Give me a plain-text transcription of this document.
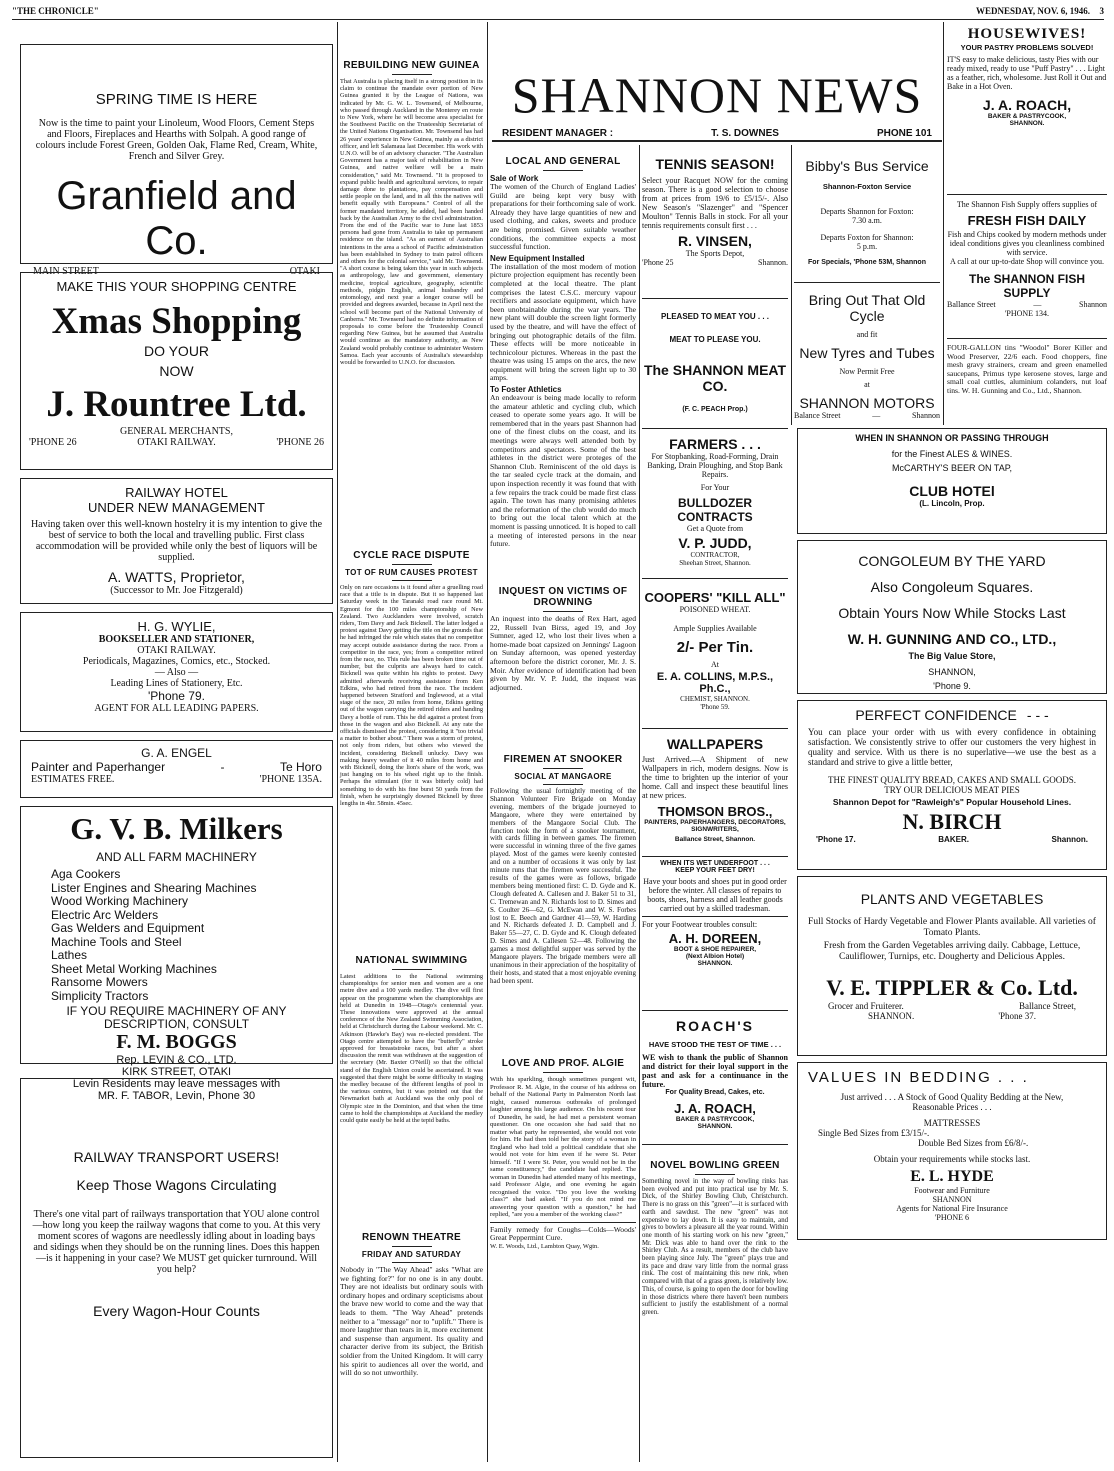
"THE CHRONICLE"	WEDNESDAY, NOV. 6, 1946. 3
SPRING TIME IS HERE

Now is the time to paint your Linoleum, Wood Floors, Cement Steps and Floors, Fireplaces and Hearths with Solpah. A good range of colours include Forest Green, Golden Oak, Flame Red, Cream, White, French and Silver Grey.

Granfield and Co.
MAIN STREET	OTAKI
MAKE THIS YOUR SHOPPING CENTRE
Xmas Shopping
DO YOUR
NOW
J. Rountree Ltd.
GENERAL MERCHANTS,
'PHONE 26	OTAKI RAILWAY.	'PHONE 26
RAILWAY HOTEL
UNDER NEW MANAGEMENT

Having taken over this well-known hostelry it is my intention to give the best of service to both the local and travelling public. First class accommodation will be provided while only the best of liquors will be supplied.

A. WATTS, Proprietor,
(Successor to Mr. Joe Fitzgerald)
H. G. WYLIE,
BOOKSELLER AND STATIONER,
OTAKI RAILWAY.
Periodicals, Magazines, Comics, etc., Stocked.
— Also —
Leading Lines of Stationery, Etc.
'Phone 79.
AGENT FOR ALL LEADING PAPERS.
G. A. ENGEL
Painter and Paperhanger	-	Te Horo
ESTIMATES FREE.	'PHONE 135A.
G. V. B. Milkers
AND ALL FARM MACHINERY
Aga Cookers
Lister Engines and Shearing Machines
Wood Working Machinery
Electric Arc Welders
Gas Welders and Equipment
Machine Tools and Steel
Lathes
Sheet Metal Working Machines
Ransome Mowers
Simplicity Tractors
IF YOU REQUIRE MACHINERY OF ANY DESCRIPTION, CONSULT
F. M. BOGGS
Rep. LEVIN & CO., LTD.
KIRK STREET, OTAKI
Levin Residents may leave messages with
MR. F. TABOR, Levin, Phone 30
RAILWAY TRANSPORT USERS!
Keep Those Wagons Circulating

There's one vital part of railways transportation that YOU alone control—how long you keep the railway wagons that come to you. At this very moment scores of wagons are needlessly idling about in loading bays and sidings when they should be on the running lines. Does this happen—is it happening in your case? We MUST get quicker turnround. Will you help?

Every Wagon-Hour Counts
REBUILDING NEW GUINEA

That Australia is placing itself in a strong position in its claim to continue the mandate over portion of New Guinea granted it by the League of Nations, was indicated by Mr. G. W. L. Townsend, of Melbourne, who passed through Auckland in the Monterey en route to New York, where he will become area specialist for the Southwest Pacific on the Trusteeship Secretariat of the United Nations Organisation. Mr. Townsend has had 26 years' experience in New Guinea, mainly as a district officer, and left Salamaua last December. His work with U.N.O. will be of an advisory character. "The Australian Government has a major task of rehabilitation in New Guinea, and native welfare will be a main consideration," said Mr. Townsend. "It is proposed to expand public health and agricultural services, to repair damage done to plantations, pay compensation and settle people on the land, and in all this the natives will benefit equally with Europeans." Control of all the former mandated territory, he added, had been handed back by the Australian Army to the civil administration. From the end of the Pacific war to June last 1853 persons had gone from Australia to take up permanent residence on the island. "As an earnest of Australian intentions in the area a school of Pacific administration has been established in Sydney to train patrol officers and others for the colonial service," said Mr. Townsend. "A short course is being taken this year in such subjects as anthropology, law and government, elementary medicine, tropical agriculture, geography, scientific methods, pidgin English, animal husbandry and entomology, and next year a longer course will be provided and degrees awarded, because in April next the school will become part of the National University of Canberra." Mr. Townsend had no definite information of proposals to come before the Trusteeship Council regarding New Guinea, but he assumed that Australia would continue as the mandatory authority, as New Zealand would probably continue to administer Western Samoa. Each year accounts of Australia's stewardship would be forwarded to U.N.O. for discussion.

CYCLE RACE DISPUTE
TOT OF RUM CAUSES PROTEST

Only on rare occasions is it found after a gruelling road race that a title is in dispute. But it so happened last Saturday week in the Taranaki road race round Mt. Egmont for the 100 miles championship of New Zealand. Two Aucklanders were involved, scratch riders, Tom Davy and Jack Bicknell. The latter lodged a protest against Davy getting the title on the grounds that he had infringed the rule which states that no competitor may accept outside assistance during the race. From a competitor in the race, yes; from a competitor retired from the race, no. This rule has been broken time out of number, but the culprits are always hard to catch. Bicknell was quite within his rights to protest. Davy admitted afterwards receiving assistance from Ken Edkins, who had retired from the race. The incident happened between Stratford and Inglewood, at a vital stage of the race, 20 miles from home, Edkins getting out of the wagon carrying the retired riders and handing Davy a bottle of rum. This he did against a protest from those in the wagon and also Bicknell. At any rate the officials dismissed the protest, considering it "too trivial a matter to bother about." There was a storm of protest, not only from riders, but others who viewed the incident, considering Bicknell unlucky. Davy was making heavy weather of it 40 miles from home and with Bicknell, doing the lion's share of the work, was just hanging on to his wheel right up to the finish. Perhaps the stimulant (for it was bitterly cold) had something to do with his fine burst 50 yards from the finish, when he surprisingly downed Bicknell by three lengths in 4hr. 58min. 45sec.

NATIONAL SWIMMING

Latest additions to the National swimming championships for senior men and women are a one metre dive and a 100 yards medley. The dive will first appear on the programme when the championships are held at Dunedin in 1948—Otago's centennial year. These innovations were approved at the annual conference of the New Zealand Swimming Association, held at Christchurch during the Labour weekend. Mr. C. Atkinson (Hawke's Bay) was re-elected president. The Otago centre attempted to have the "butterfly" stroke approved for breaststroke races, but after a short discussion the remit was withdrawn at the suggestion of the secretary (Mr. Baxter O'Neill) so that the official stand of the English Union could be ascertained. It was suggested that there might be some difficulty in staging the medley because of the different lengths of pool in the various centres, but it was pointed out that the Newmarket bath at Auckland was the only pool of Olympic size in the Dominion, and that when the time came to hold the championships at Auckland the medley could quite easily be held at the tepid baths.

RENOWN THEATRE
FRIDAY AND SATURDAY

Nobody in "The Way Ahead" asks "What are we fighting for?" for no one is in any doubt. They are not idealists but ordinary souls with ordinary hopes and ordinary scepticisms about the brave new world to come and the way that leads to them. "The Way Ahead" pretends neither to a "message" nor to "uplift." There is more laughter than tears in it, more excitement and suspense than argument. Its quality and character derive from its subject, the British soldier from the United Kingdom. It will carry his spirit to audiences all over the world, and will do so not unworthily.

SHANNON NEWS
RESIDENT MANAGER :	T. S. DOWNES	PHONE 101
LOCAL AND GENERAL
Sale of Work

The women of the Church of England Ladies' Guild are being kept very busy with preparations for their forthcoming sale of work. Already they have large quantities of new and used clothing, and cakes, sweets and produce are being promised. Given suitable weather conditions, the committee expects a most successful function.

New Equipment Installed

The installation of the most modern of motion picture projection equipment has recently been completed at the local theatre. The plant comprises the latest C.S.C. mercury vapour rectifiers and associate equipment, which have been unobtainable during the war years. The new plant will double the screen light formerly used by the theatre, and will have the effect of bringing out photographic details of the film. These effects will be more noticeable in technicolour pictures. Whereas in the past the theatre was using 15 amps on the arcs, the new equipment will bring the screen light up to 30 amps.

To Foster Athletics

An endeavour is being made locally to reform the amateur athletic and cycling club, which ceased to operate some years ago. It will be remembered that in the years past Shannon had one of the finest clubs on the coast, and its meetings were always well attended both by competitors and spectators. Some of the best athletes in the district were proteges of the Shannon Club. Reminiscent of the old days is the tar sealed cycle track at the domain, and upon inspection recently it was found that with a few repairs the track could be made first class again. The town has many promising athletes and the reformation of the club would do much to bring out the local talent which at the moment is passing unnoticed. It is hoped to call a meeting of interested persons in the near future.

INQUEST ON VICTIMS OF DROWNING

An inquest into the deaths of Rex Hart, aged 22, Russell Ivan Birss, aged 19, and Joy Sumner, aged 12, who lost their lives when a home-made boat capsized on Jennings' Lagoon on Sunday afternoon, was opened yesterday afternoon before the district coroner, Mr. J. S. Moir. After evidence of identification had been given by Mr. V. P. Judd, the inquest was adjourned.

FIREMEN AT SNOOKER
SOCIAL AT MANGAORE

Following the usual fortnightly meeting of the Shannon Volunteer Fire Brigade on Monday evening, members of the brigade journeyed to Mangaore, where they were entertained by members of the Mangaore Social Club. The function took the form of a snooker tournament, with cards filling in between games. The firemen were successful in winning three of the five games played. Most of the games were keenly contested and on a number of occasions it was only by last minute runs that the firemen were successful. The results of the games were as follows, brigade members being mentioned first: C. D. Gyde and K. Clough defeated A. Callesen and J. Baker 51 to 31, C. Tremewan and N. Richards lost to D. Simes and S. Coulter 26—62, G. McEwan and W. S. Forbes lost to E. Beech and Gardner 41—59, W. Harding and N. Richards defeated J. D. Campbell and J. Baker 55—27, C. D. Gyde and K. Clough defeated D. Simes and A. Callesen 52—48. Following the games a most delightful supper was served by the Mangaore players. The brigade members were all unanimous in their appreciation of the hospitality of their hosts, and stated that a most enjoyable evening had been spent.

LOVE AND PROF. ALGIE

With his sparkling, though sometimes pungent wit, Professor R. M. Algie, in the course of his address on behalf of the National Party in Palmerston North last night, caused numerous outbreaks of prolonged laughter among his large audience. On his recent tour of Dunedin, he said, he had met a persistent woman questioner. On one occasion she had said that no matter what party he represented, she would not vote for him. He had then told her the story of a woman in England who had told a political candidate that she would not vote for him even if he were St. Peter himself. "If I were St. Peter, you would not be in the same constituency," the candidate had replied. The woman in Dunedin had attended many of his meetings, said Professor Algie, and one evening he again recognised the voice. "Do you love the working class?" she had asked. "If you do not mind me answering your question with a question," he had replied, "are you a member of the working class?"

Family remedy for Coughs—Colds—Woods' Great Peppermint Cure.

W. E. Woods, Ltd., Lambton Quay, Wgtn.

TENNIS SEASON!

Select your Racquet NOW for the coming season. There is a good selection to choose from at prices from 19/6 to £5/15/-. Also New Season's "Slazenger" and "Spencer Moulton" Tennis Balls in stock. For all your tennis requirements consult first . . .

R. VINSEN,
The Sports Depot,
'Phone 25	Shannon.
PLEASED TO MEAT YOU . . .
MEAT TO PLEASE YOU.
The SHANNON MEAT CO.
(F. C. PEACH Prop.)
FARMERS . . .

For Stopbanking, Road-Forming, Drain Banking, Drain Ploughing, and Stop Bank Repairs.

For Your
BULLDOZER CONTRACTS
Get a Quote from
V. P. JUDD,
CONTRACTOR,
Sheehan Street, Shannon.
COOPERS' "KILL ALL"
POISONED WHEAT.
Ample Supplies Available
2/- Per Tin.
At
E. A. COLLINS, M.P.S., Ph.C.,
CHEMIST, SHANNON.
'Phone 59.
WALLPAPERS

Just Arrived.—A Shipment of new Wallpapers in rich, modern designs. Now is the time to brighten up the interior of your home. Call and inspect these beautiful lines at new prices.

THOMSON BROS.,
PAINTERS, PAPERHANGERS, DECORATORS, SIGNWRITERS,
Ballance Street, Shannon.
WHEN ITS WET UNDERFOOT . . .
KEEP YOUR FEET DRY!

Have your boots and shoes put in good order before the winter. All classes of repairs to boots, shoes, harness and all leather goods carried out by a skilled tradesman.

For your Footwear troubles consult:
A. H. DOREEN,
BOOT & SHOE REPAIRER,
(Next Albion Hotel)
SHANNON.
ROACH'S
HAVE STOOD THE TEST OF TIME . . .

WE wish to thank the public of Shannon and district for their loyal support in the past and ask for a continuance in the future.

For Quality Bread, Cakes, etc.
J. A. ROACH,
BAKER & PASTRYCOOK,
SHANNON.
NOVEL BOWLING GREEN

Something novel in the way of bowling rinks has been evolved and put into practical use by Mr. S. Dick, of the Shirley Bowling Club, Christchurch. There is no grass on this "green"—it is surfaced with earth and sawdust. The new "green" was not expensive to lay down. It is easy to maintain, and gives to bowlers a pleasure all the year round. Within one month of his starting work on his new "green," Mr. Dick was able to hand over the rink to the Shirley Club. As a result, members of the club have been playing since July. The "green" plays true and its pace and draw vary little from the normal grass rink. The cost of maintaining this new rink, when compared with that of a grass green, is relatively low. This, of course, is going to open the door for bowling in those districts where there haven't been numbers sufficient to justify the establishment of a normal green.

Bibby's Bus Service
Shannon-Foxton Service
Departs Shannon for Foxton:
7.30 a.m.
Departs Foxton for Shannon:
5 p.m.
For Specials, 'Phone 53M, Shannon
Bring Out That Old Cycle
and fit
New Tyres and Tubes
Now Permit Free
at
SHANNON MOTORS
Balance Street	—	Shannon
HOUSEWIVES!
YOUR PASTRY PROBLEMS SOLVED!

IT'S easy to make delicious, tasty Pies with our ready mixed, ready to use "Puff Pastry" . . . Light as a feather, rich, wholesome. Just Roll it Out and Bake in a Hot Oven.

J. A. ROACH,
BAKER & PASTRYCOOK, SHANNON.
The Shannon Fish Supply offers supplies of
FRESH FISH DAILY

Fish and Chips cooked by modern methods under ideal conditions gives you cleanliness combined with service.

A call at our up-to-date Shop will convince you.

The SHANNON FISH SUPPLY
Ballance Street	—	Shannon
'PHONE 134.

FOUR-GALLON tins "Woodol" Borer Killer and Wood Preserver, 22/6 each. Food choppers, fine mesh gravy strainers, cream and green enamelled saucepans, Primus type kerosene stoves, large and small coal cuttles, aluminium colanders, nut loaf tins. W. H. Gunning and Co., Ltd., Shannon.

WHEN IN SHANNON OR PASSING THROUGH
for the Finest ALES & WINES.
McCARTHY'S BEER ON TAP,
CLUB HOTEl
(L. Lincoln, Prop.
CONGOLEUM BY THE YARD
Also Congoleum Squares.
Obtain Yours Now While Stocks Last
W. H. GUNNING AND CO., LTD.,
The Big Value Store,
SHANNON,
'Phone 9.
PERFECT CONFIDENCE - - -

You can place your order with us with every confidence in obtaining satisfaction. We consistently strive to offer our customers the very highest in quality and service. With us there is no superlative—we use the best as a standard and strive to give a little better,

THE FINEST QUALITY BREAD, CAKES AND SMALL GOODS.
TRY OUR DELICIOUS MEAT PIES
Shannon Depot for "Rawleigh's" Popular Household Lines.
N. BIRCH
'Phone 17.	BAKER.	Shannon.
PLANTS AND VEGETABLES

Full Stocks of Hardy Vegetable and Flower Plants available. All varieties of Tomato Plants.

Fresh from the Garden Vegetables arriving daily. Cabbage, Lettuce, Cauliflower, Turnips, etc. Dougherty and Delicious Apples.

V. E. TIPPLER & Co. Ltd.
Grocer and Fruiterer.	Ballance Street,
SHANNON.	'Phone 37.
VALUES IN BEDDING . . .
Just arrived . . . A Stock of Good Quality Bedding at the New, Reasonable Prices . . .
MATTRESSES
Single Bed Sizes from £3/15/-.
Double Bed Sizes from £6/8/-.
Obtain your requirements while stocks last.
E. L. HYDE
Footwear and Furniture
SHANNON
Agents for National Fire Insurance
'PHONE 6
